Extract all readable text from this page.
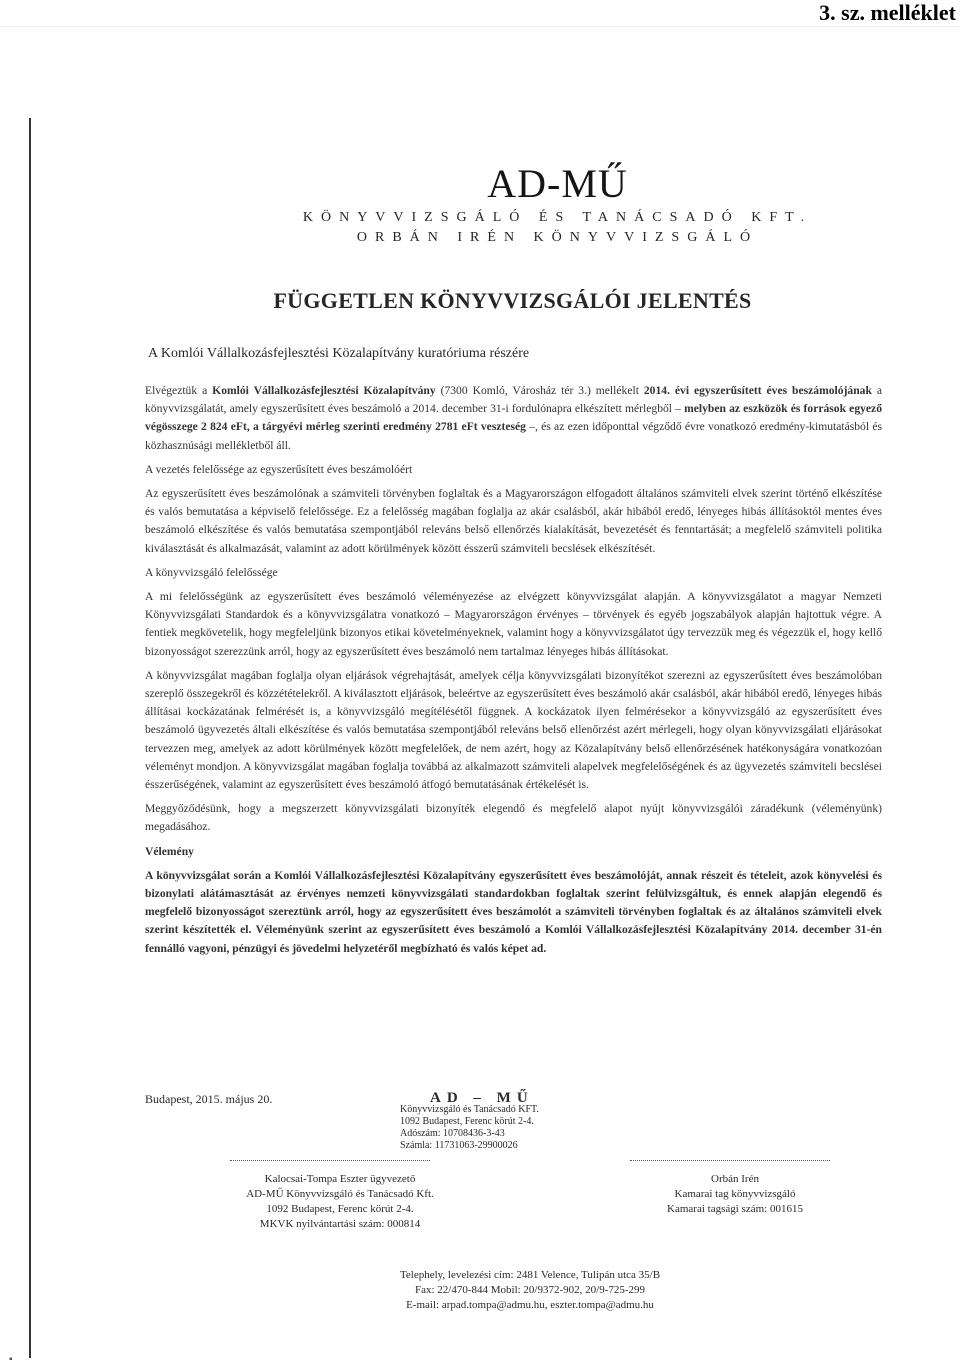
3. sz. melléklet
▪
AD-MŰ
KÖNYVVIZSGÁLÓ ÉS TANÁCSADÓ KFT.
ORBÁN IRÉN KÖNYVVIZSGÁLÓ
FÜGGETLEN KÖNYVVIZSGÁLÓI JELENTÉS
A Komlói Vállalkozásfejlesztési Közalapítvány kuratóriuma részére

Elvégeztük a Komlói Vállalkozásfejlesztési Közalapítvány (7300 Komló, Városház tér 3.) mellékelt 2014. évi egyszerűsített éves beszámolójának a könyvvizsgálatát, amely egyszerűsített éves beszámoló a 2014. december 31-i fordulónapra elkészített mérlegből – melyben az eszközök és források egyező végösszege 2 824 eFt, a tárgyévi mérleg szerinti eredmény 2781 eFt veszteség –, és az ezen időponttal végződő évre vonatkozó eredmény-kimutatásból és közhasznúsági mellékletből áll.

A vezetés felelőssége az egyszerűsített éves beszámolóért

Az egyszerűsített éves beszámolónak a számviteli törvényben foglaltak és a Magyarországon elfogadott általános számviteli elvek szerint történő elkészítése és valós bemutatása a képviselő felelőssége. Ez a felelősség magában foglalja az akár csalásból, akár hibából eredő, lényeges hibás állításoktól mentes éves beszámoló elkészítése és valós bemutatása szempontjából releváns belső ellenőrzés kialakítását, bevezetését és fenntartását; a megfelelő számviteli politika kiválasztását és alkalmazását, valamint az adott körülmények között ésszerű számviteli becslések elkészítését.

A könyvvizsgáló felelőssége

A mi felelősségünk az egyszerűsített éves beszámoló véleményezése az elvégzett könyvvizsgálat alapján. A könyvvizsgálatot a magyar Nemzeti Könyvvizsgálati Standardok és a könyvvizsgálatra vonatkozó – Magyarországon érvényes – törvények és egyéb jogszabályok alapján hajtottuk végre. A fentiek megkövetelik, hogy megfeleljünk bizonyos etikai követelményeknek, valamint hogy a könyvvizsgálatot úgy tervezzük meg és végezzük el, hogy kellő bizonyosságot szerezzünk arról, hogy az egyszerűsített éves beszámoló nem tartalmaz lényeges hibás állításokat.

A könyvvizsgálat magában foglalja olyan eljárások végrehajtását, amelyek célja könyvvizsgálati bizonyítékot szerezni az egyszerűsített éves beszámolóban szereplő összegekről és közzétételekről. A kiválasztott eljárások, beleértve az egyszerűsített éves beszámoló akár csalásból, akár hibából eredő, lényeges hibás állításai kockázatának felmérését is, a könyvvizsgáló megítélésétől függnek. A kockázatok ilyen felmérésekor a könyvvizsgáló az egyszerűsített éves beszámoló ügyvezetés általi elkészítése és valós bemutatása szempontjából releváns belső ellenőrzést azért mérlegeli, hogy olyan könyvvizsgálati eljárásokat tervezzen meg, amelyek az adott körülmények között megfelelőek, de nem azért, hogy az Közalapítvány belső ellenőrzésének hatékonyságára vonatkozóan véleményt mondjon. A könyvvizsgálat magában foglalja továbbá az alkalmazott számviteli alapelvek megfelelőségének és az ügyvezetés számviteli becslései ésszerűségének, valamint az egyszerűsített éves beszámoló átfogó bemutatásának értékelését is.

Meggyőződésünk, hogy a megszerzett könyvvizsgálati bizonyíték elegendő és megfelelő alapot nyújt könyvvizsgálói záradékunk (véleményünk) megadásához.

Vélemény

A könyvvizsgálat során a Komlói Vállalkozásfejlesztési Közalapítvány egyszerűsített éves beszámolóját, annak részeit és tételeit, azok könyvelési és bizonylati alátámasztását az érvényes nemzeti könyvvizsgálati standardokban foglaltak szerint felülvizsgáltuk, és ennek alapján elegendő és megfelelő bizonyosságot szereztünk arról, hogy az egyszerűsített éves beszámolót a számviteli törvényben foglaltak és az általános számviteli elvek szerint készítették el. Véleményünk szerint az egyszerűsített éves beszámoló a Komlói Vállalkozásfejlesztési Közalapítvány 2014. december 31-én fennálló vagyoni, pénzügyi és jövedelmi helyzetéről megbízható és valós képet ad.

Budapest, 2015. május 20.	AD – MŰ
Könyvvizsgáló és Tanácsadó KFT.
1092 Budapest, Ferenc körút 2-4.
Adószám: 10708436-3-43
Számla: 11731063-29900026
Kalocsai-Tompa Eszter ügyvezető
AD-MŰ Könyvvizsgáló és Tanácsadó Kft.
1092 Budapest, Ferenc körút 2-4.
MKVK nyilvántartási szám: 000814
Orbán Irén
Kamarai tag könyvvizsgáló
Kamarai tagsági szám: 001615
Telephely, levelezési cím: 2481 Velence, Tulipán utca 35/B
Fax: 22/470-844 Mobil: 20/9372-902, 20/9-725-299
E-mail: arpad.tompa@admu.hu, eszter.tompa@admu.hu
